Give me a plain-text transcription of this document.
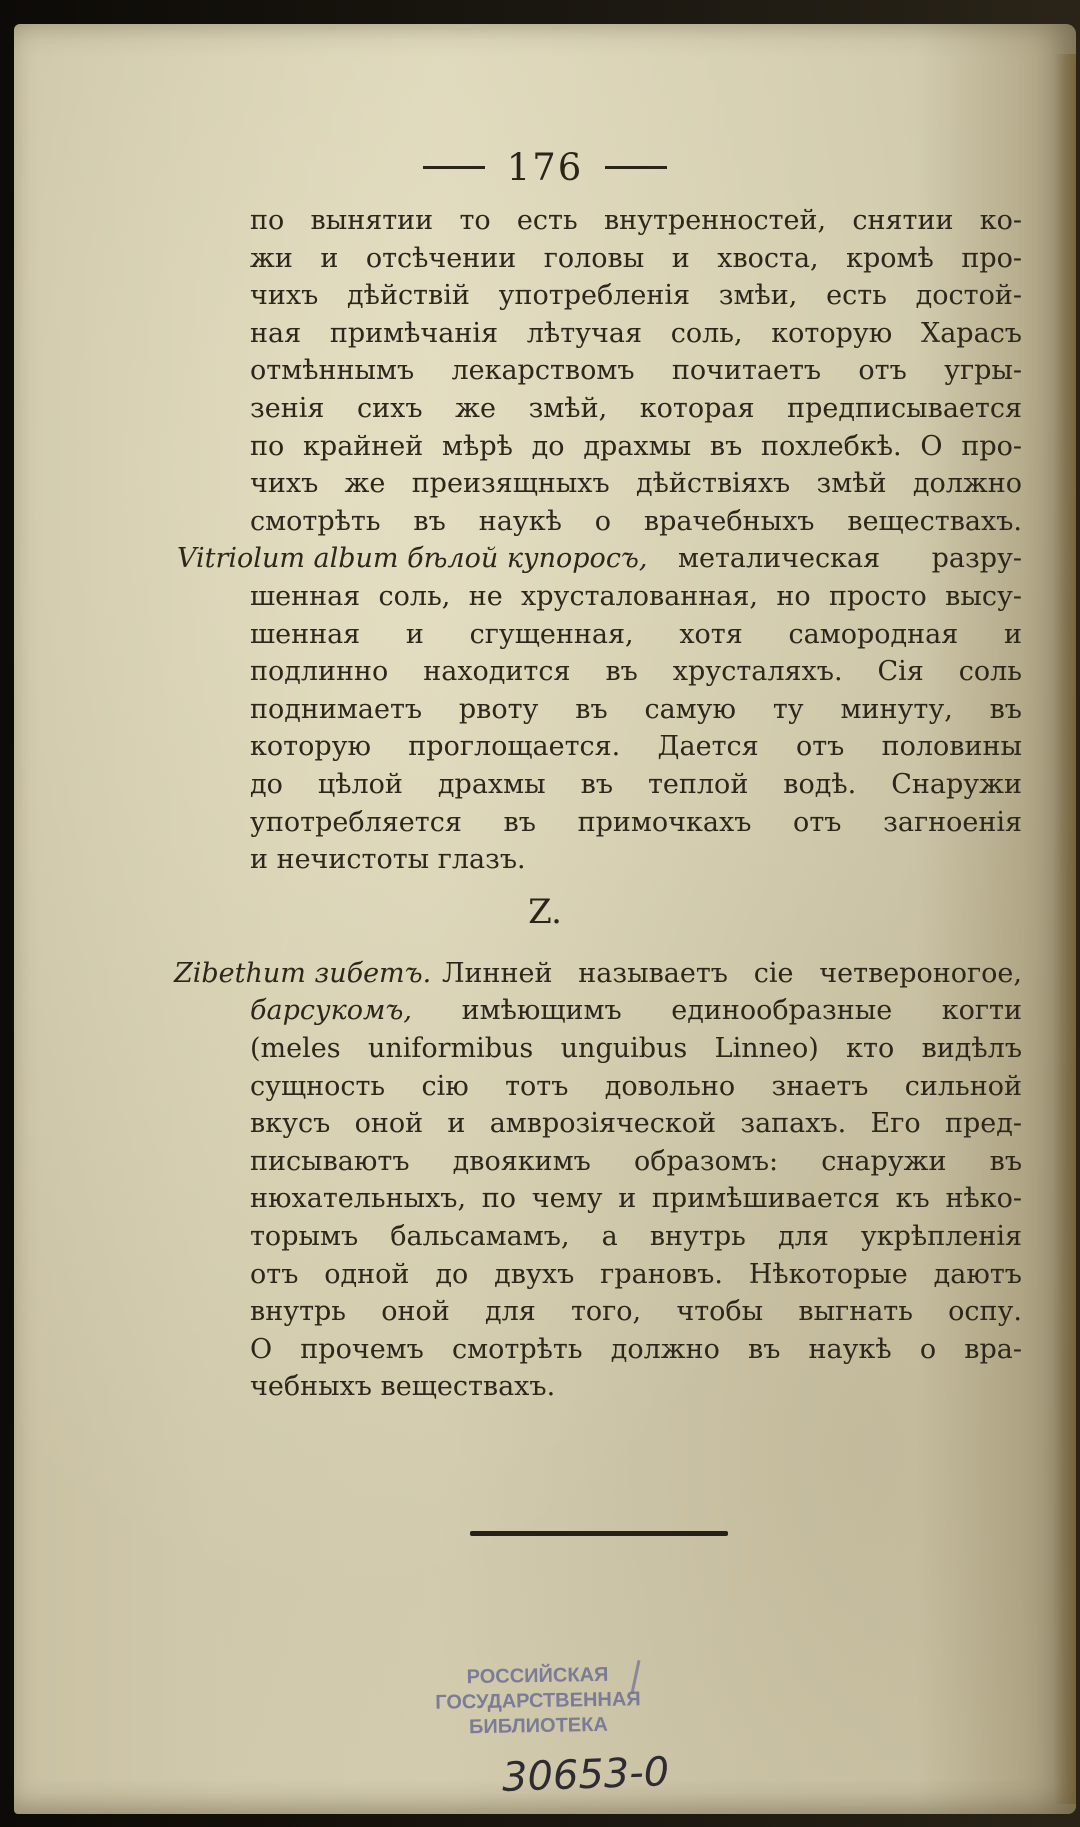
176
по вынятии то есть внутренностей, снятии ко-
жи и отсѣчении головы и хвоста, кромѣ про-
чихъ дѣйствій употребленія змѣи, есть достой-
ная примѣчанія лѣтучая соль, которую Харасъ
отмѣннымъ лекарствомъ почитаетъ отъ угры-
зенія сихъ же змѣй, которая предписывается
по крайней мѣрѣ до драхмы въ похлебкѣ. О про-
чихъ же преизящныхъ дѣйствіяхъ змѣй должно
смотрѣть въ наукѣ о врачебныхъ веществахъ.
Vitriolum album бѣлой купоросъ, металическая разру-
шенная соль, не хрусталованная, но просто высу-
шенная и сгущенная, хотя самородная и
подлинно находится въ хрусталяхъ. Сія соль
поднимаетъ рвоту въ самую ту минуту, въ
которую проглощается. Дается отъ половины
до цѣлой драхмы въ теплой водѣ. Снаружи
употребляется въ примочкахъ отъ загноенія
и нечистоты глазъ.
Z.
Zibethum зибетъ. Линней называетъ сіе четвероногое,
барсукомъ, имѣющимъ единообразные когти
(meles uniformibus unguibus Linneo) кто видѣлъ
сущность сію тотъ довольно знаетъ сильной
вкусъ оной и амврозіяческой запахъ. Его пред-
писываютъ двоякимъ образомъ: снаружи въ
нюхательныхъ, по чему и примѣшивается къ нѣко-
торымъ бальсамамъ, а внутрь для укрѣпленія
отъ одной до двухъ грановъ. Нѣкоторые даютъ
внутрь оной для того, чтобы выгнать оспу.
О прочемъ смотрѣть должно въ наукѣ о вра-
чебныхъ веществахъ.
РОССИЙСКАЯ
ГОСУДАРСТВЕННАЯ
БИБЛИОТЕКА
30653-0
